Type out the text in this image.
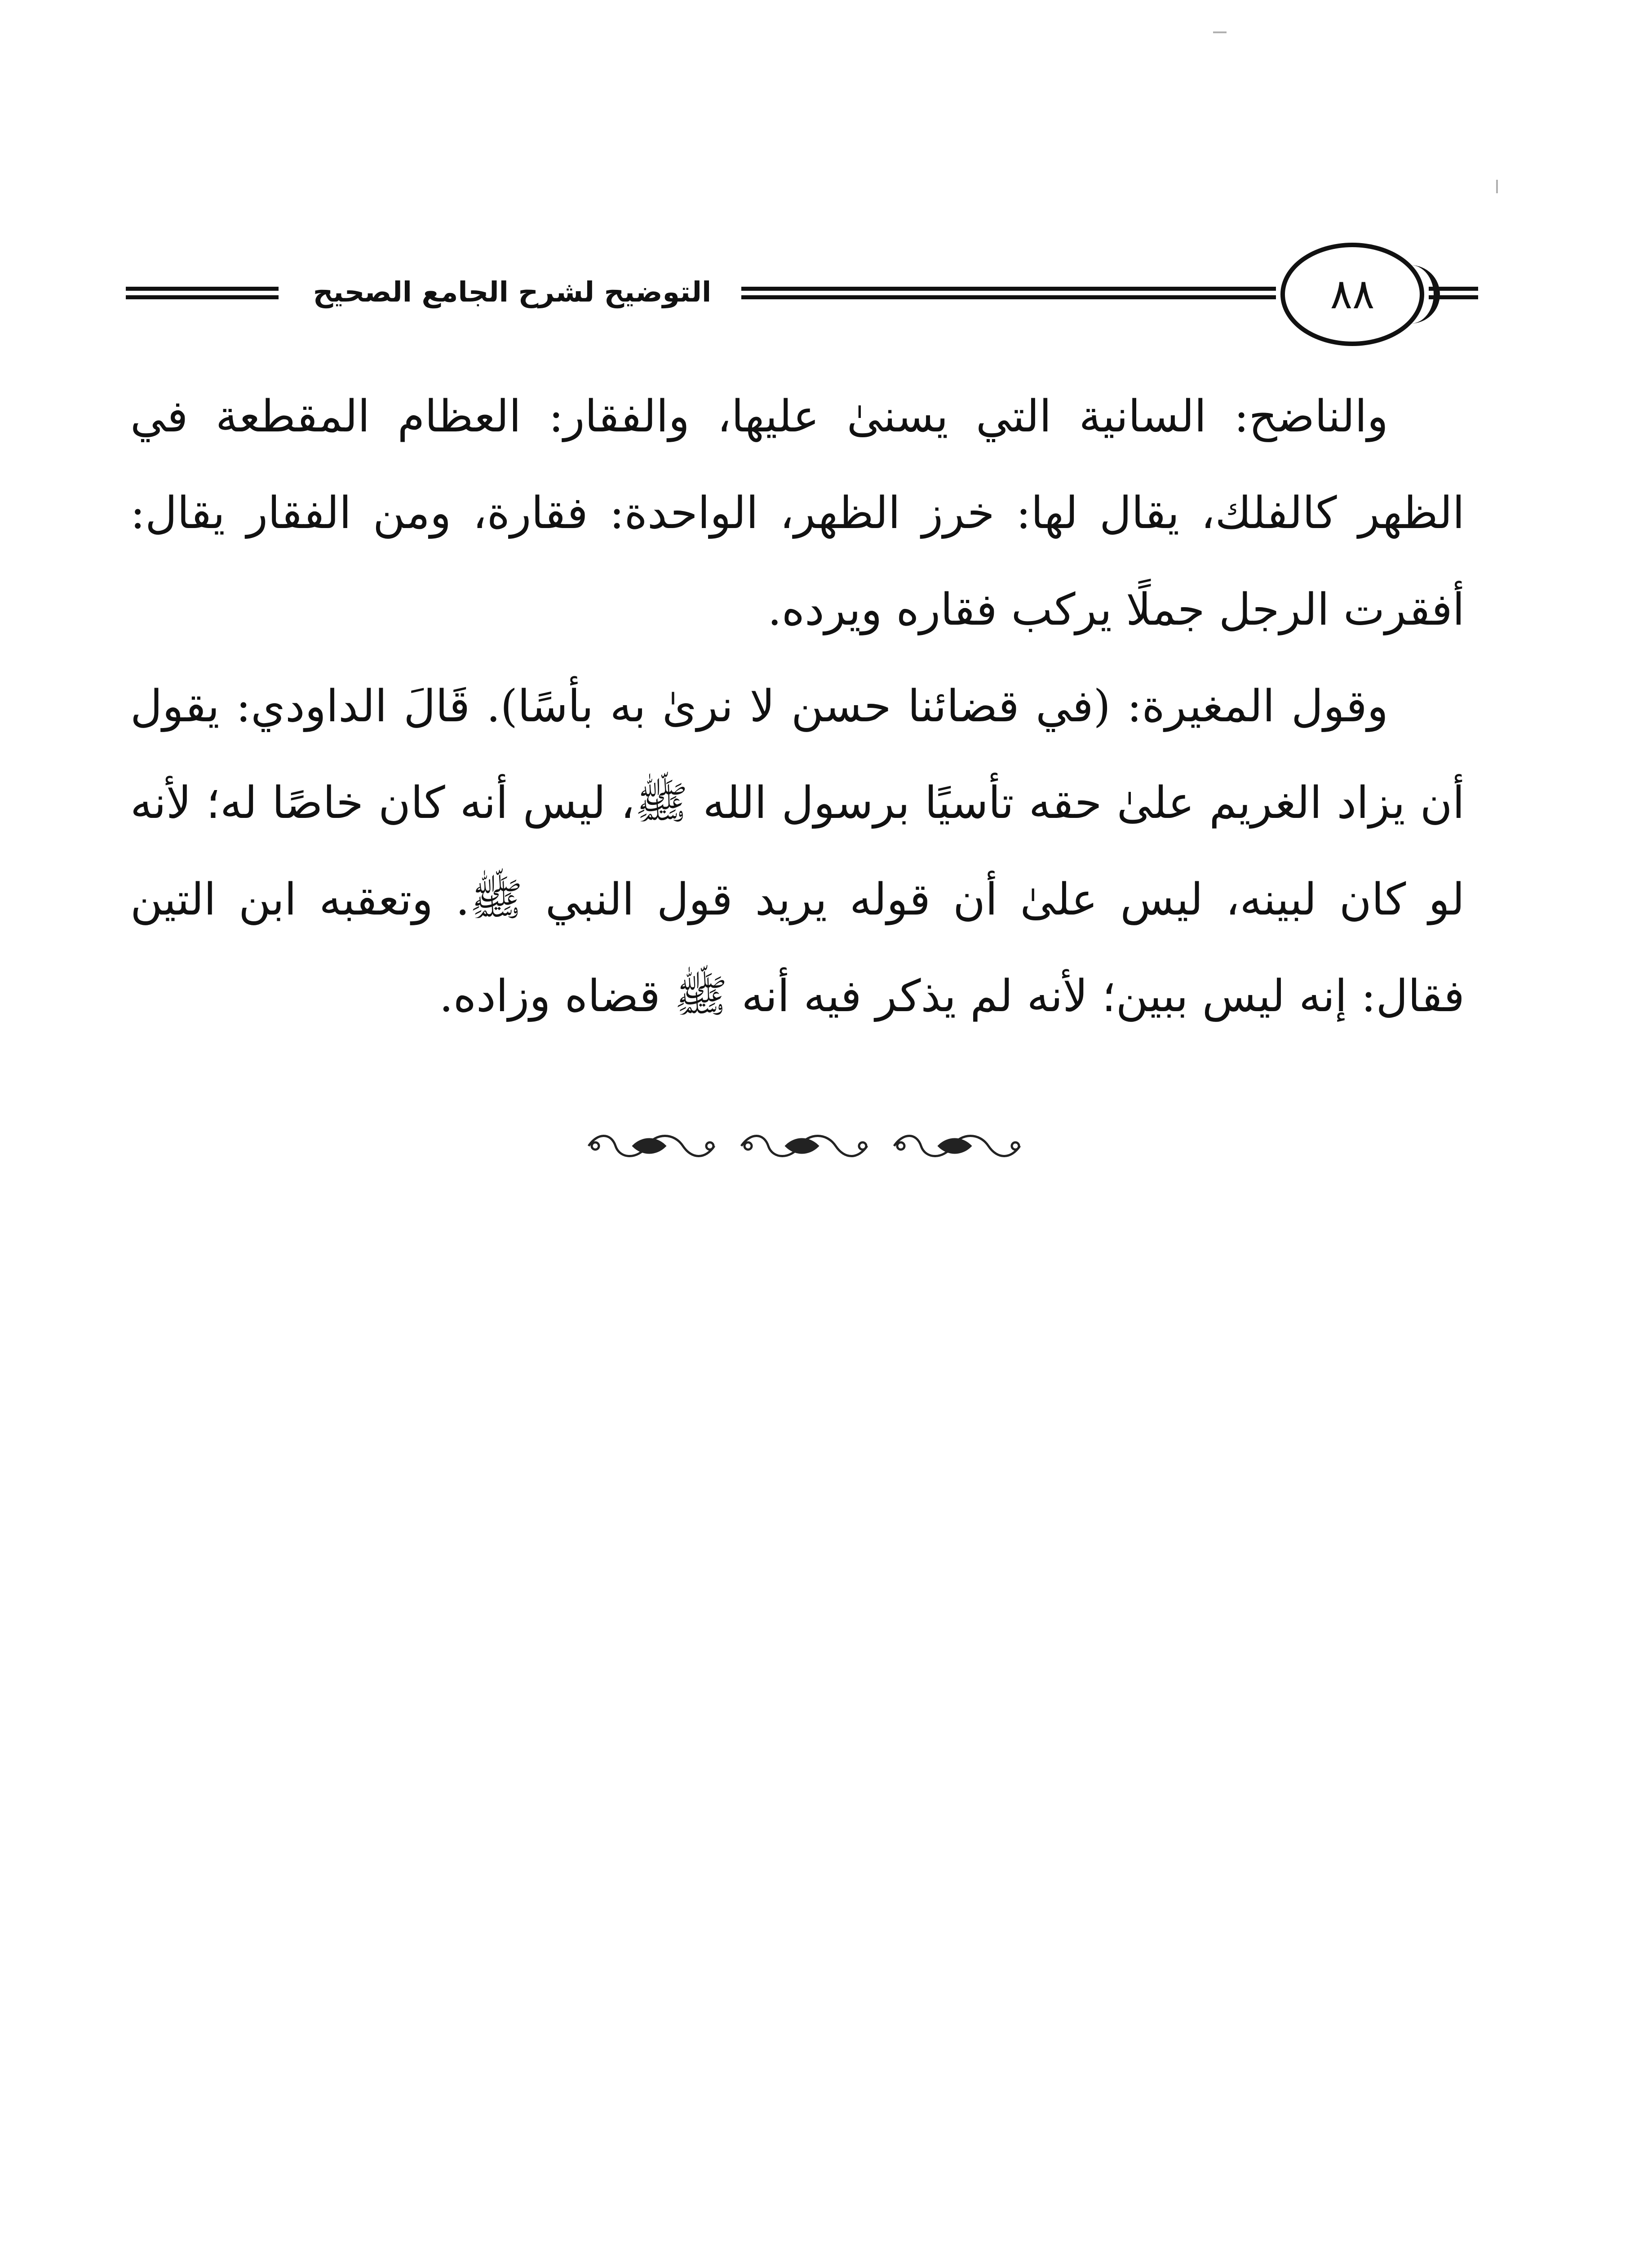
التوضيح لشرح الجامع الصحيح	٨٨

والناضح: السانية التي يسنىٰ عليها، والفقار: العظام المقطعة في الظهر كالفلك، يقال لها: خرز الظهر، الواحدة: فقارة، ومن الفقار يقال: أفقرت الرجل جملًا يركب فقاره ويرده.

وقول المغيرة: (في قضائنا حسن لا نرىٰ به بأسًا). قَالَ الداودي: يقول أن يزاد الغريم علىٰ حقه تأسيًا برسول الله ﷺ، ليس أنه كان خاصًا له؛ لأنه لو كان لبينه، ليس علىٰ أن قوله يريد قول النبي ﷺ. وتعقبه ابن التين فقال: إنه ليس ببين؛ لأنه لم يذكر فيه أنه ﷺ قضاه وزاده.
